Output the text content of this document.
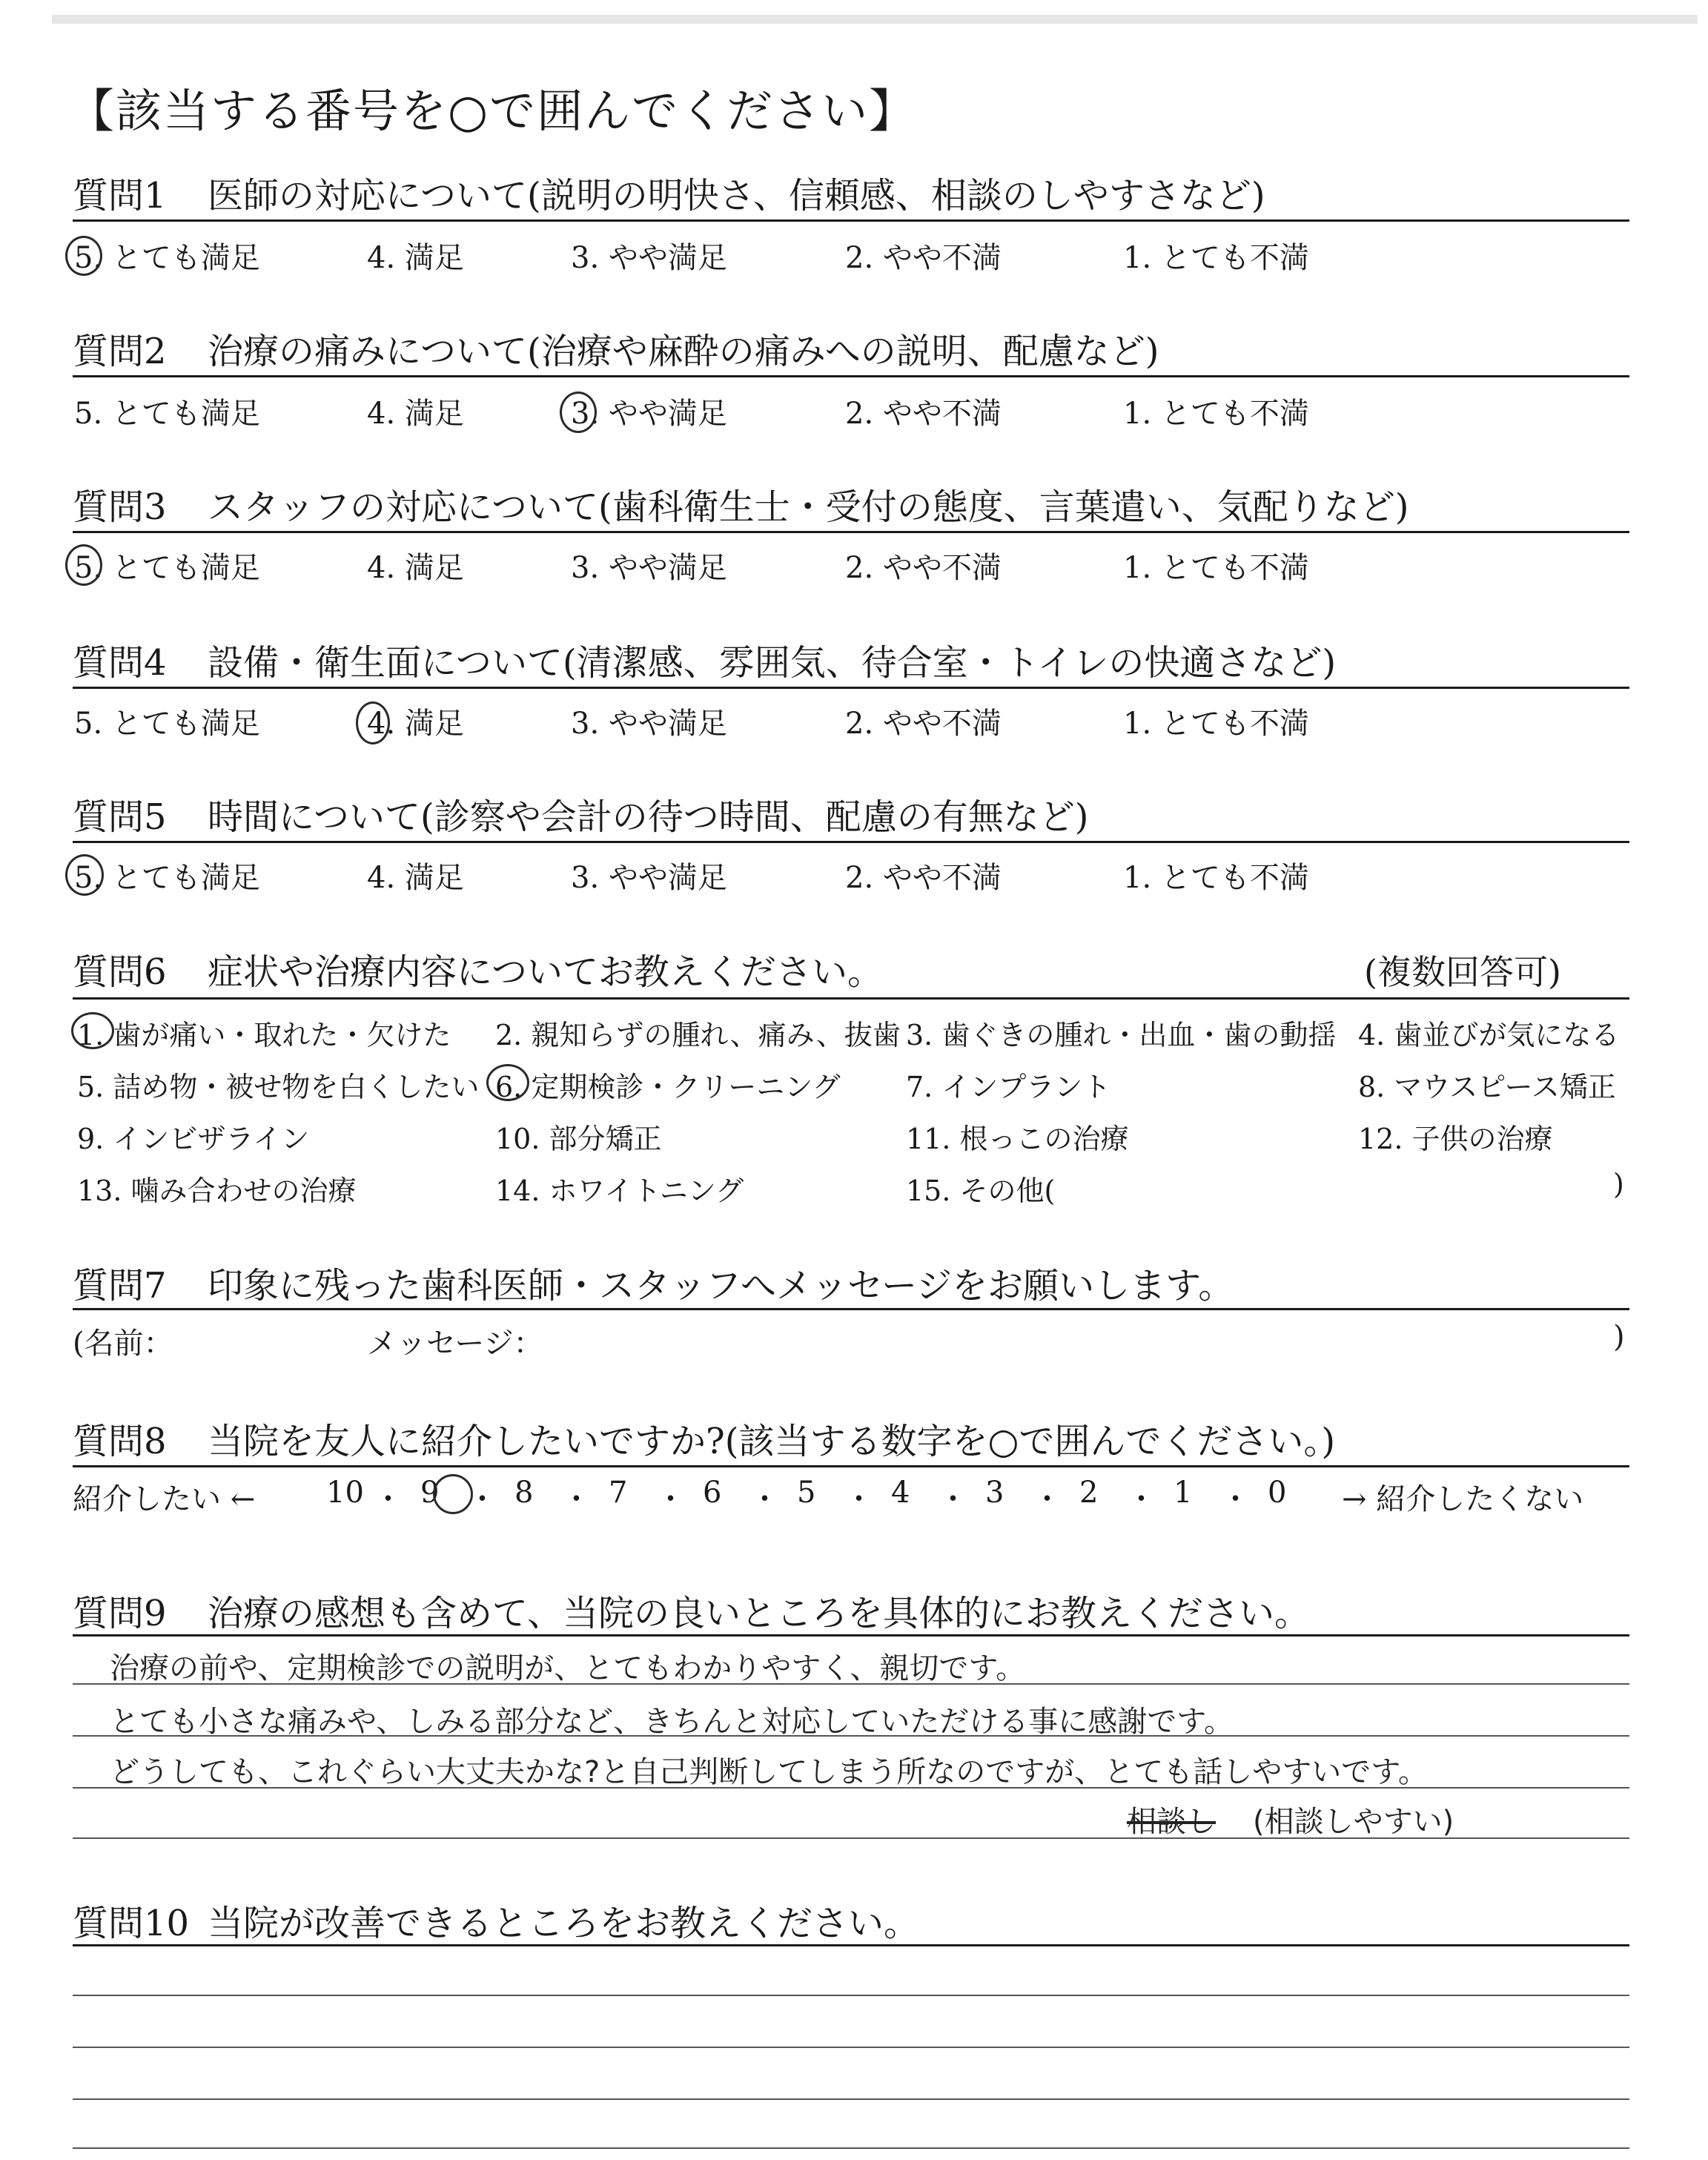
【該当する番号を○で囲んでください】
質問1 医師の対応について(説明の明快さ、信頼感、相談のしやすさなど)
5. とても満足	4. 満足	3. やや満足	2. やや不満	1. とても不満
質問2 治療の痛みについて(治療や麻酔の痛みへの説明、配慮など)
5. とても満足	4. 満足	3. やや満足	2. やや不満	1. とても不満
質問3 スタッフの対応について(歯科衛生士・受付の態度、言葉遣い、気配りなど)
5. とても満足	4. 満足	3. やや満足	2. やや不満	1. とても不満
質問4 設備・衛生面について(清潔感、雰囲気、待合室・トイレの快適さなど)
5. とても満足	4. 満足	3. やや満足	2. やや不満	1. とても不満
質問5 時間について(診察や会計の待つ時間、配慮の有無など)
5. とても満足	4. 満足	3. やや満足	2. やや不満	1. とても不満
質問6 症状や治療内容についてお教えください。	(複数回答可)
1. 歯が痛い・取れた・欠けた 2. 親知らずの腫れ、痛み、抜歯 3. 歯ぐきの腫れ・出血・歯の動揺 4. 歯並びが気になる
5. 詰め物・被せ物を白くしたい 6. 定期検診・クリーニング 7. インプラント	8. マウスピース矯正
9. インビザライン	10. 部分矯正	11. 根っこの治療	12. 子供の治療
13. 噛み合わせの治療	14. ホワイトニング	15. その他(	)
質問7 印象に残った歯科医師・スタッフへメッセージをお願いします。
(名前：	メッセージ：	)
質問8 当院を友人に紹介したいですか?(該当する数字を○で囲んでください。)
紹介したい ←	→ 紹介したくない
10 ・ 9 ・ 8 ・ 7 ・ 6 ・ 5 ・ 4 ・ 3 ・ 2 ・ 1 ・ 0
質問9 治療の感想も含めて、当院の良いところを具体的にお教えください。
治療の前や、定期検診での説明が、とてもわかりやすく、親切です。
とても小さな痛みや、しみる部分など、きちんと対応していただける事に感謝です。
どうしても、これぐらい大丈夫かな?と自己判断してしまう所なのですが、とても話しやすいです。
相談し (相談しやすい)
質問10 当院が改善できるところをお教えください。
